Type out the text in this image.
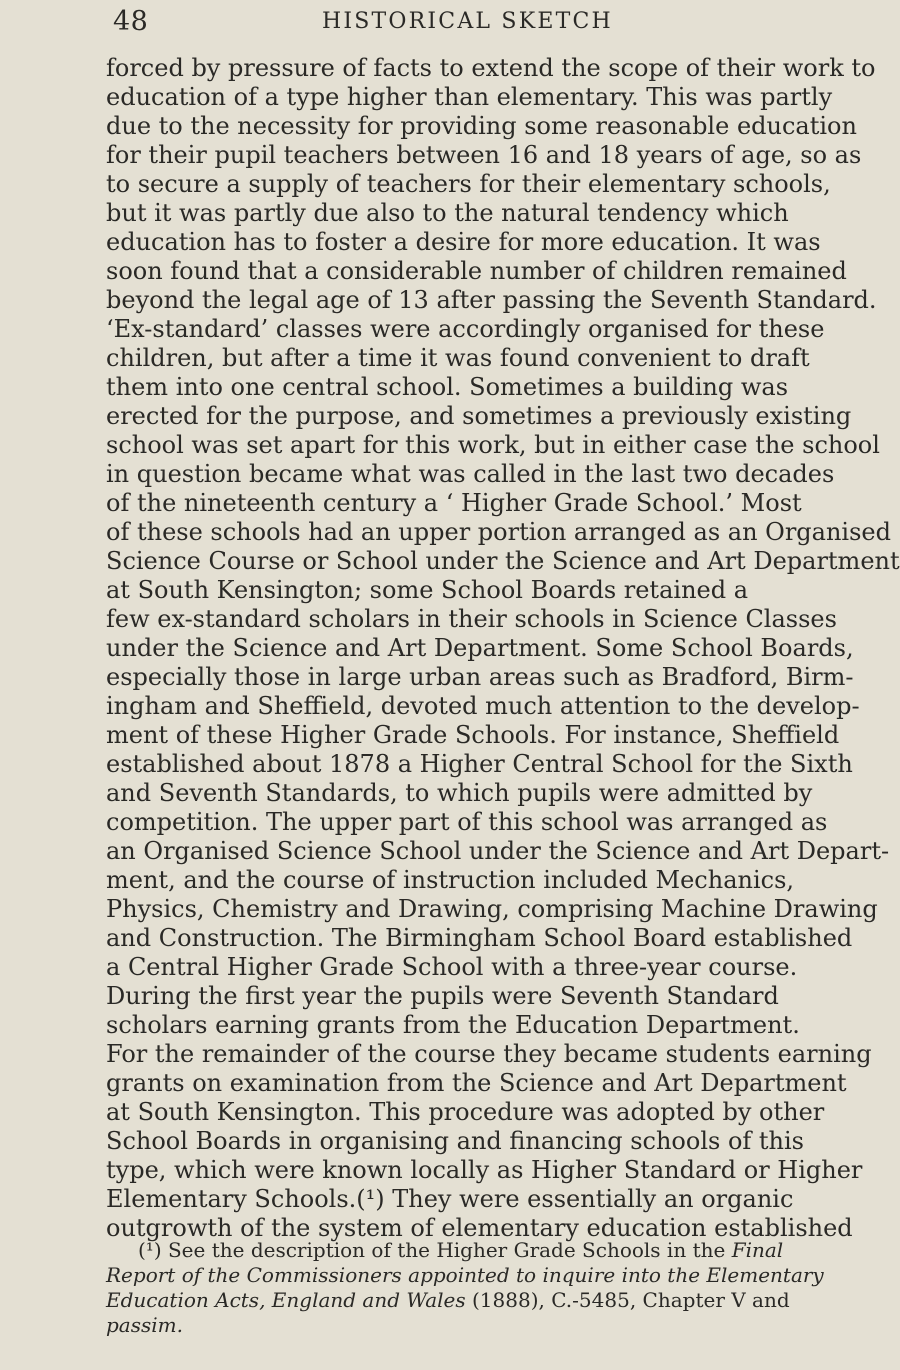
48	HISTORICAL SKETCH
forced by pressure of facts to extend the scope of their work to
education of a type higher than elementary. This was partly
due to the necessity for providing some reasonable education
for their pupil teachers between 16 and 18 years of age, so as
to secure a supply of teachers for their elementary schools,
but it was partly due also to the natural tendency which
education has to foster a desire for more education. It was
soon found that a considerable number of children remained
beyond the legal age of 13 after passing the Seventh Standard.
‘Ex-standard’ classes were accordingly organised for these
children, but after a time it was found convenient to draft
them into one central school. Sometimes a building was
erected for the purpose, and sometimes a previously existing
school was set apart for this work, but in either case the school
in question became what was called in the last two decades
of the nineteenth century a ‘ Higher Grade School.’ Most
of these schools had an upper portion arranged as an Organised
Science Course or School under the Science and Art Department
at South Kensington; some School Boards retained a
few ex-standard scholars in their schools in Science Classes
under the Science and Art Department. Some School Boards,
especially those in large urban areas such as Bradford, Birm-
ingham and Sheffield, devoted much attention to the develop-
ment of these Higher Grade Schools. For instance, Sheffield
established about 1878 a Higher Central School for the Sixth
and Seventh Standards, to which pupils were admitted by
competition. The upper part of this school was arranged as
an Organised Science School under the Science and Art Depart-
ment, and the course of instruction included Mechanics,
Physics, Chemistry and Drawing, comprising Machine Drawing
and Construction. The Birmingham School Board established
a Central Higher Grade School with a three-year course.
During the first year the pupils were Seventh Standard
scholars earning grants from the Education Department.
For the remainder of the course they became students earning
grants on examination from the Science and Art Department
at South Kensington. This procedure was adopted by other
School Boards in organising and financing schools of this
type, which were known locally as Higher Standard or Higher
Elementary Schools.(¹) They were essentially an organic
outgrowth of the system of elementary education established
(¹) See the description of the Higher Grade Schools in the Final
Report of the Commissioners appointed to inquire into the Elementary
Education Acts, England and Wales (1888), C.-5485, Chapter V and
passim.
